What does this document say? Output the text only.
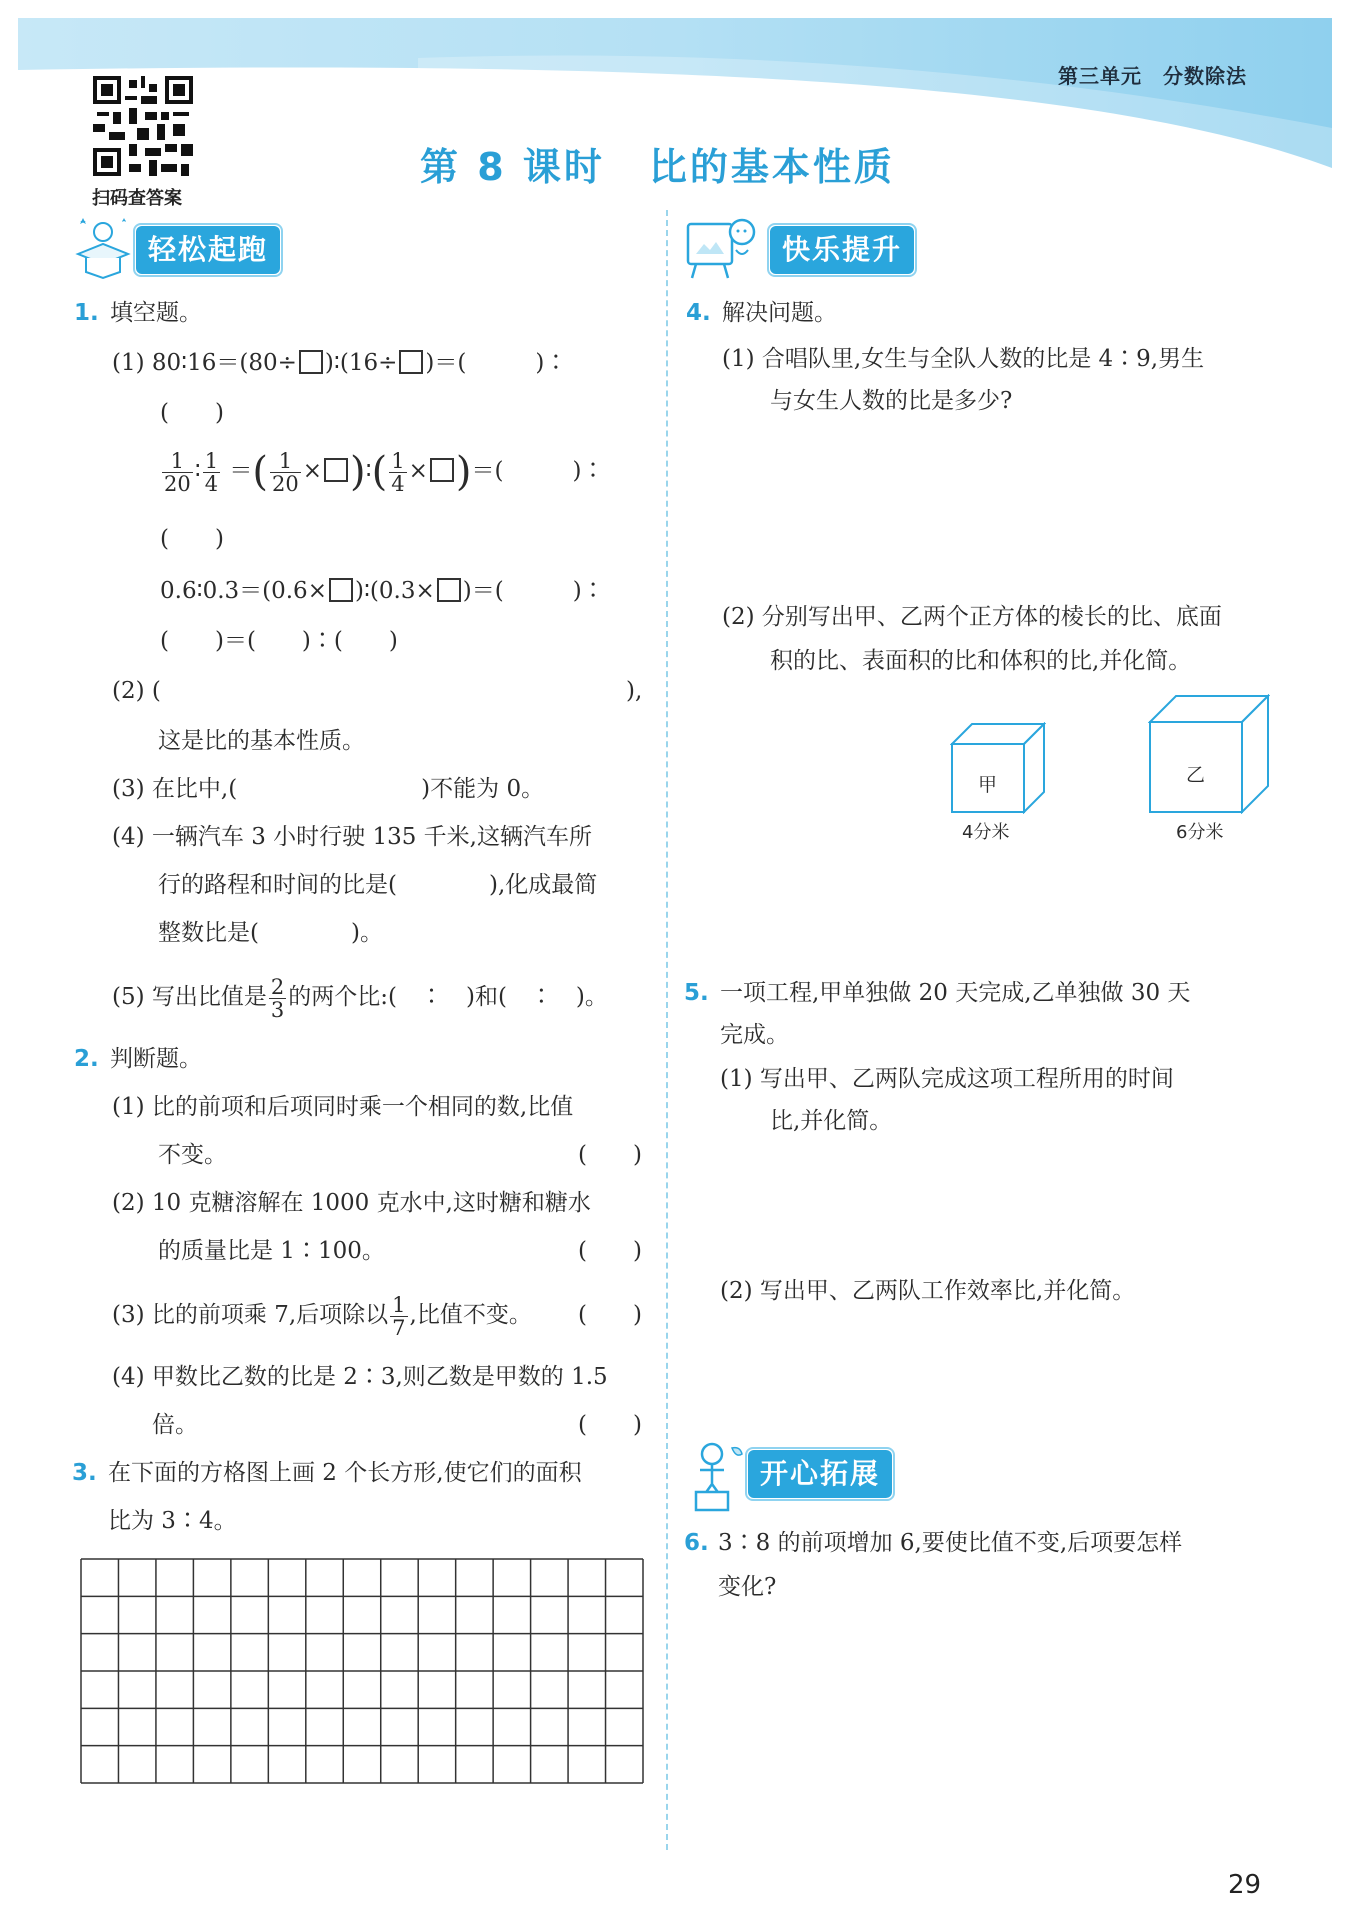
第三单元　分数除法
扫码查答案
第 8 课时 比的基本性质
轻松起跑	快乐提升
开心拓展
1. 填空题。
(1) 80∶16＝(80÷ )∶(16÷ )＝(　　　)∶
(　　)
$\frac{1}{20}$ ∶ $\frac{1}{4}$ ＝( $\frac{1}{20}$ × )∶( $\frac{1}{4}$ × )＝(　　　)∶
(　　)
0.6∶0.3＝(0.6× )∶(0.3× )＝(　　　)∶
(　　)＝(　　)∶(　　)
(2) (	),
这是比的基本性质。
(3) 在比中,(　　　　　　　　)不能为 0。
(4) 一辆汽车 3 小时行驶 135 千米,这辆汽车所
行的路程和时间的比是(　　　　),化成最简
整数比是(　　　　)。
(5) 写出比值是 $\frac{2}{3}$ 的两个比:(　∶　)和(　∶　)。
2. 判断题。
(1) 比的前项和后项同时乘一个相同的数,比值
不变。	(　　)
(2) 10 克糖溶解在 1000 克水中,这时糖和糖水
的质量比是 1∶100。	(　　)
(3) 比的前项乘 7,后项除以 $\frac{1}{7}$ ,比值不变。 (　　)
(4) 甲数比乙数的比是 2∶3,则乙数是甲数的 1.5
倍。	(　　)
3. 在下面的方格图上画 2 个长方形,使它们的面积
比为 3∶4。
4. 解决问题。
(1) 合唱队里,女生与全队人数的比是 4∶9,男生
与女生人数的比是多少?
(2) 分别写出甲、乙两个正方体的棱长的比、底面
积的比、表面积的比和体积的比,并化简。
甲
4分米
乙
6分米
5. 一项工程,甲单独做 20 天完成,乙单独做 30 天
完成。
(1) 写出甲、乙两队完成这项工程所用的时间
比,并化简。
(2) 写出甲、乙两队工作效率比,并化简。
6. 3∶8 的前项增加 6,要使比值不变,后项要怎样
变化?
29
